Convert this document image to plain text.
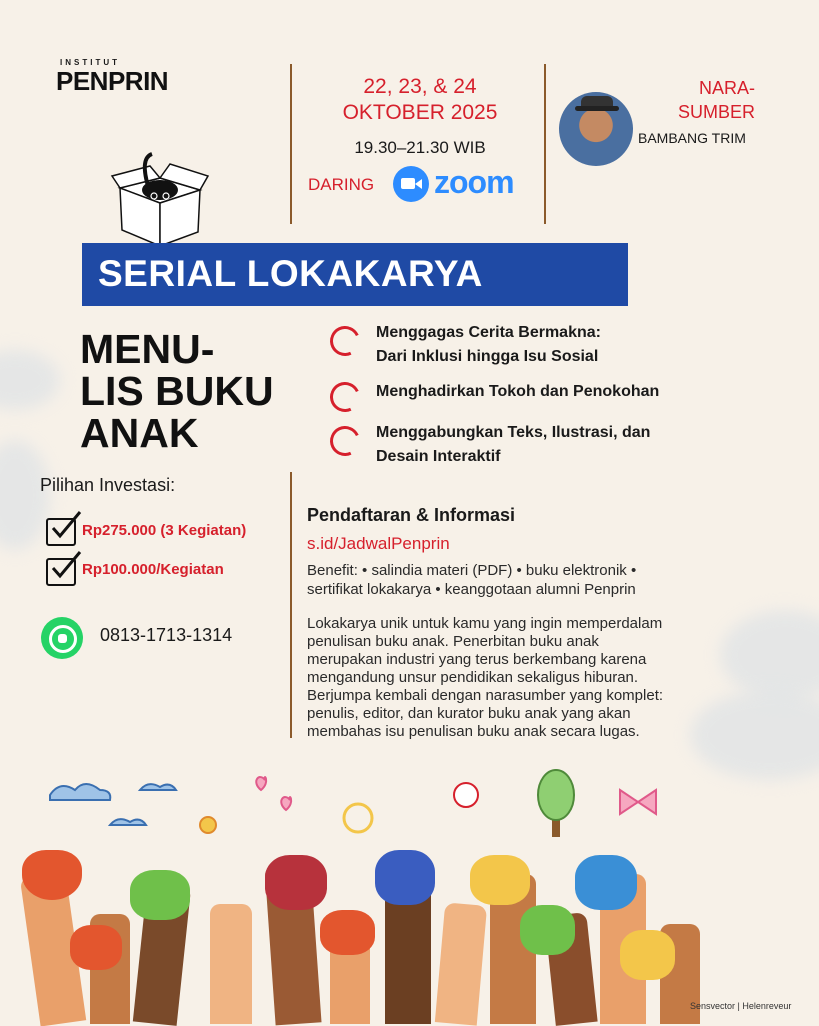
INSTITUT
PENPRIN	22, 23, & 24
OKTOBER 2025
19.30–21.30 WIB
DARING zoom
NARA-
SUMBER
BAMBANG TRIM
SERIAL LOKAKARYA
MENU-
LIS BUKU
ANAK
Menggagas Cerita Bermakna:
Dari Inklusi hingga Isu Sosial
Menghadirkan Tokoh dan Penokohan
Menggabungkan Teks, Ilustrasi, dan
Desain Interaktif
Pilihan Investasi:
Rp275.000 (3 Kegiatan)
Rp100.000/Kegiatan
0813-1713-1314
Pendaftaran & Informasi
s.id/JadwalPenprin
Benefit: • salindia materi (PDF) • buku elektronik •
sertifikat lokakarya • keanggotaan alumni Penprin
Lokakarya unik untuk kamu yang ingin memperdalam
penulisan buku anak. Penerbitan buku anak
merupakan industri yang terus berkembang karena
mengandung unsur pendidikan sekaligus hiburan.
Berjumpa kembali dengan narasumber yang komplet:
penulis, editor, dan kurator buku anak yang akan
membahas isu penulisan buku anak secara lugas.
Sensvector | Helenreveur
